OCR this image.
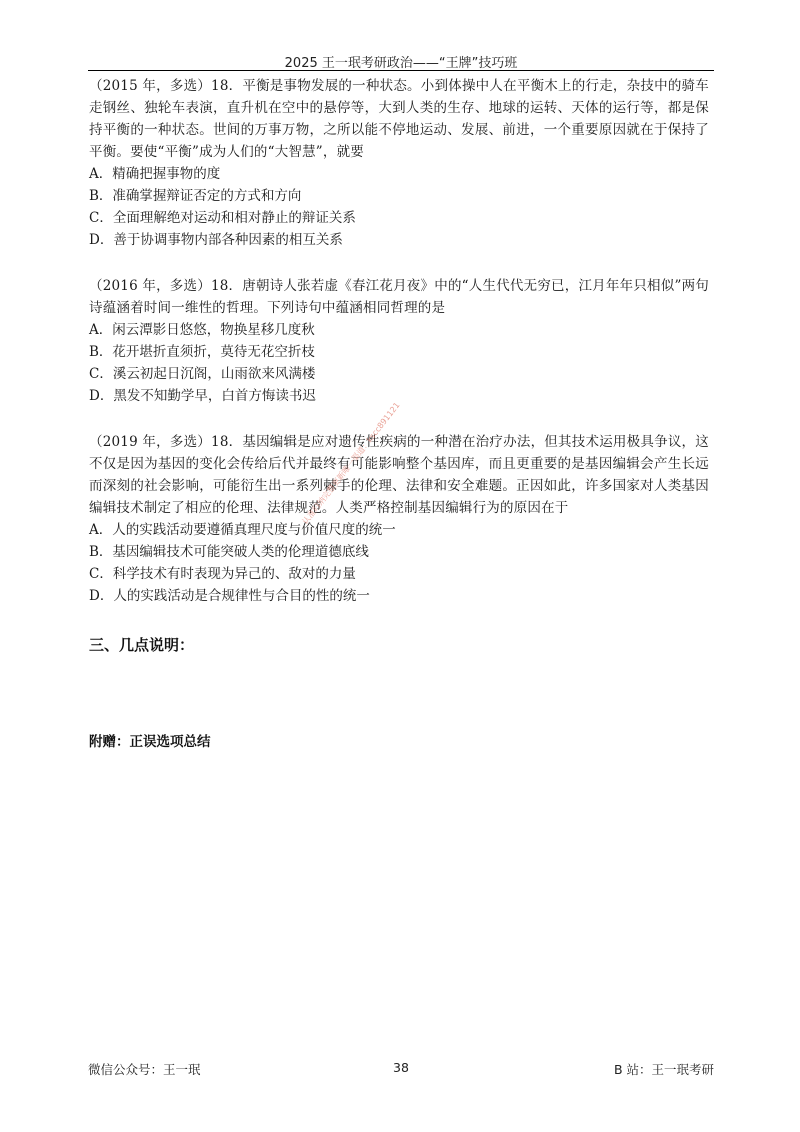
2025 王一珉考研政治——“王牌”技巧班

（2015 年，多选）18．平衡是事物发展的一种状态。小到体操中人在平衡木上的行走，杂技中的骑车走钢丝、独轮车表演，直升机在空中的悬停等，大到人类的生存、地球的运转、天体的运行等，都是保持平衡的一种状态。世间的万事万物，之所以能不停地运动、发展、前进，一个重要原因就在于保持了平衡。要使“平衡”成为人们的“大智慧”，就要

A．精确把握事物的度

B．准确掌握辩证否定的方式和方向

C．全面理解绝对运动和相对静止的辩证关系

D．善于协调事物内部各种因素的相互关系

（2016 年，多选）18．唐朝诗人张若虚《春江花月夜》中的“人生代代无穷已，江月年年只相似”两句诗蕴涵着时间一维性的哲理。下列诗句中蕴涵相同哲理的是

A．闲云潭影日悠悠，物换星移几度秋

B．花开堪折直须折，莫待无花空折枝

C．溪云初起日沉阁，山雨欲来风满楼

D．黑发不知勤学早，白首方悔读书迟

（2019 年，多选）18．基因编辑是应对遗传性疾病的一种潜在治疗办法，但其技术运用极具争议，这不仅是因为基因的变化会传给后代并最终有可能影响整个基因库，而且更重要的是基因编辑会产生长远而深刻的社会影响，可能衍生出一系列棘手的伦理、法律和安全难题。正因如此，许多国家对人类基因编辑技术制定了相应的伦理、法律规范。人类严格控制基因编辑行为的原因在于

A．人的实践活动要遵循真理尺度与价值尺度的统一

B．基因编辑技术可能突破人类的伦理道德底线

C．科学技术有时表现为异己的、敌对的力量

D．人的实践活动是合规律性与合目的性的统一

认准归纳完整更新唯一渠道：kscc891121
三、几点说明：
附赠：正误选项总结
微信公众号：王一珉	38	B 站：王一珉考研
